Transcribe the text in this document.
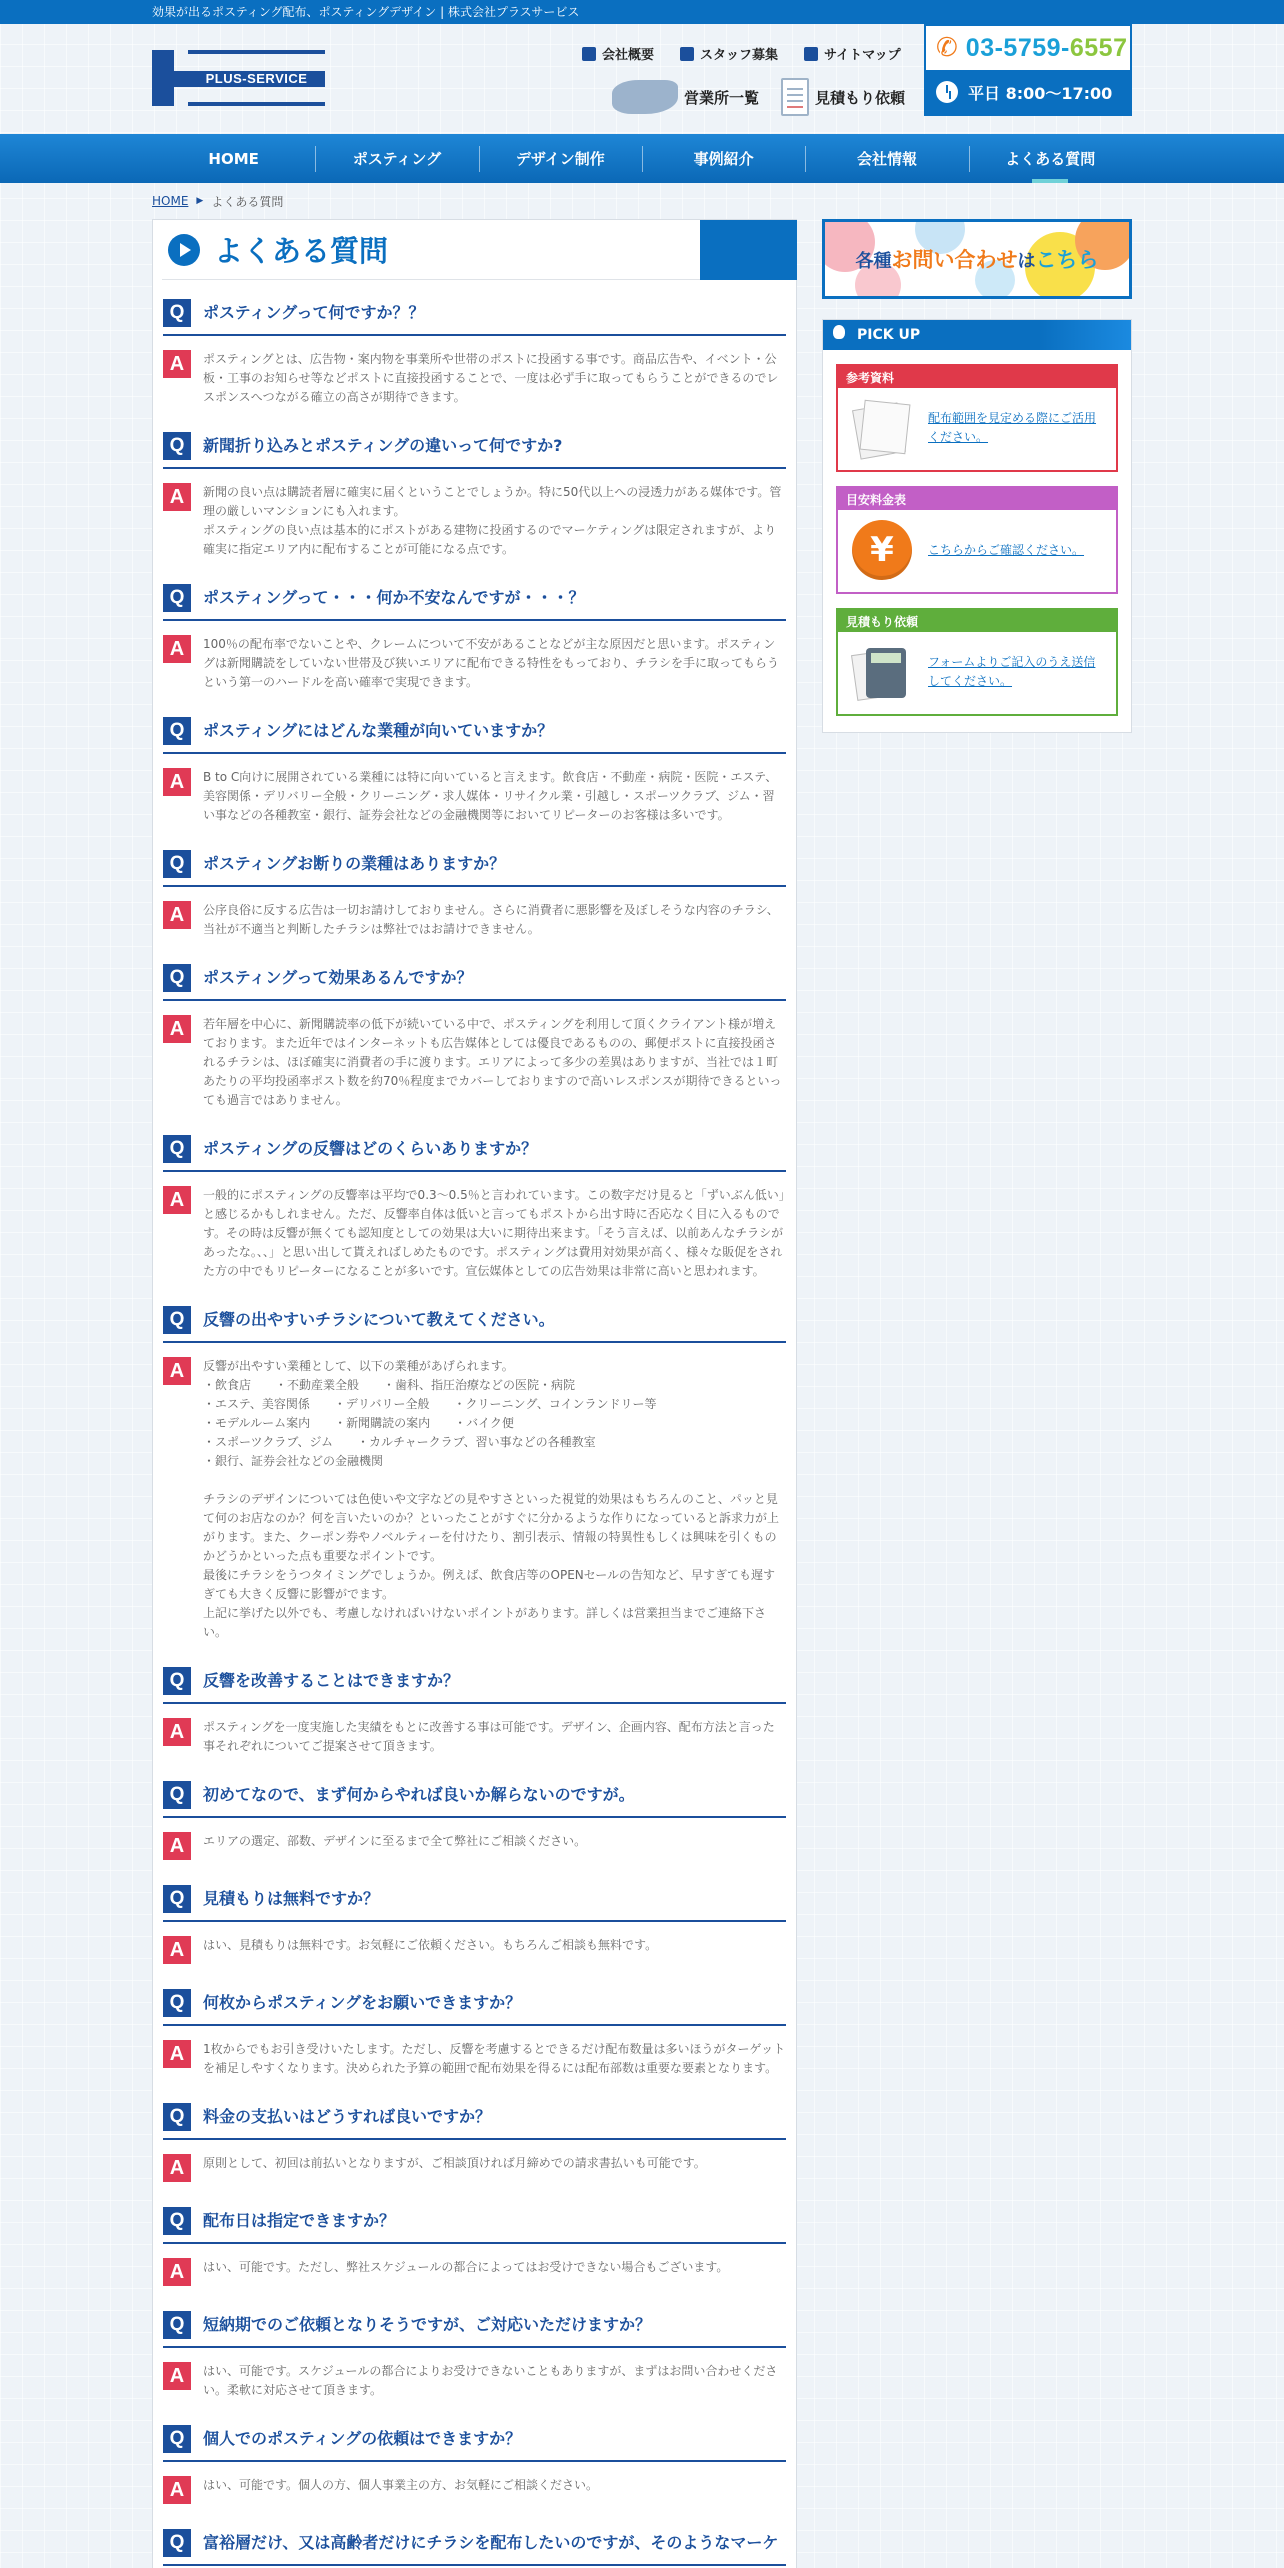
効果が出るポスティング配布、ポスティングデザイン | 株式会社プラスサービス
PLUS-SERVICE
会社概要	スタッフ募集	サイトマップ
営業所一覧	見積もり依頼
✆ 03-5759-6557
平日 8:00〜17:00
HOME	ポスティング	デザイン制作	事例紹介	会社情報	よくある質問
HOME ▶ よくある質問
よくある質問
Q	ポスティングって何ですか？？
A	ポスティングとは、広告物・案内物を事業所や世帯のポストに投函する事です。商品広告や、イベント・公板・工事のお知らせ等などポストに直接投函することで、一度は必ず手に取ってもらうことができるのでレスポンスへつながる確立の高さが期待できます。

Q	新聞折り込みとポスティングの違いって何ですか?
A	新聞の良い点は購読者層に確実に届くということでしょうか。特に50代以上への浸透力がある媒体です。管理の厳しいマンションにも入れます。
ポスティングの良い点は基本的にポストがある建物に投函するのでマーケティングは限定されますが、より確実に指定エリア内に配布することが可能になる点です。

Q	ポスティングって・・・何か不安なんですが・・・？
A	100％の配布率でないことや、クレームについて不安があることなどが主な原因だと思います。ポスティングは新聞購読をしていない世帯及び狭いエリアに配布できる特性をもっており、チラシを手に取ってもらうという第一のハードルを高い確率で実現できます。

Q	ポスティングにはどんな業種が向いていますか？
A	B to C向けに展開されている業種には特に向いていると言えます。飲食店・不動産・病院・医院・エステ、美容関係・デリバリー全般・クリーニング・求人媒体・リサイクル業・引越し・スポーツクラブ、ジム・習い事などの各種教室・銀行、証券会社などの金融機関等においてリピーターのお客様は多いです。

Q	ポスティングお断りの業種はありますか？
A	公序良俗に反する広告は一切お請けしておりません。さらに消費者に悪影響を及ぼしそうな内容のチラシ、当社が不適当と判断したチラシは弊社ではお請けできません。

Q	ポスティングって効果あるんですか？
A	若年層を中心に、新聞購読率の低下が続いている中で、ポスティングを利用して頂くクライアント様が増えております。また近年ではインターネットも広告媒体としては優良であるものの、郵便ポストに直接投函されるチラシは、ほぼ確実に消費者の手に渡ります。エリアによって多少の差異はありますが、当社では１町あたりの平均投函率ポスト数を約70％程度までカバーしておりますので高いレスポンスが期待できるといっても過言ではありません。

Q	ポスティングの反響はどのくらいありますか？
A	一般的にポスティングの反響率は平均で0.3～0.5％と言われています。この数字だけ見ると「ずいぶん低い」と感じるかもしれません。ただ、反響率自体は低いと言ってもポストから出す時に否応なく目に入るものです。その時は反響が無くても認知度としての効果は大いに期待出来ます。「そう言えば、以前あんなチラシがあったな。、、」と思い出して貰えればしめたものです。ポスティングは費用対効果が高く、様々な販促をされた方の中でもリピーターになることが多いです。宣伝媒体としての広告効果は非常に高いと思われます。

Q	反響の出やすいチラシについて教えてください。
A	反響が出やすい業種として、以下の業種があげられます。
・飲食店　　・不動産業全般　　・歯科、指圧治療などの医院・病院
・エステ、美容関係　　・デリバリー全般　　・クリーニング、コインランドリー等
・モデルルーム案内　　・新聞購読の案内　　・バイク便
・スポーツクラブ、ジム　　・カルチャークラブ、習い事などの各種教室
・銀行、証券会社などの金融機関

チラシのデザインについては色使いや文字などの見やすさといった視覚的効果はもちろんのこと、パッと見て何のお店なのか？何を言いたいのか？といったことがすぐに分かるような作りになっていると訴求力が上がります。また、クーポン券やノベルティーを付けたり、割引表示、情報の特異性もしくは興味を引くものかどうかといった点も重要なポイントです。
最後にチラシをうつタイミングでしょうか。例えば、飲食店等のOPENセールの告知など、早すぎても遅すぎても大きく反響に影響がでます。
上記に挙げた以外でも、考慮しなければいけないポイントがあります。詳しくは営業担当までご連絡下さい。

Q	反響を改善することはできますか？
A	ポスティングを一度実施した実績をもとに改善する事は可能です。デザイン、企画内容、配布方法と言った事それぞれについてご提案させて頂きます。

Q	初めてなので、まず何からやれば良いか解らないのですが。
A	エリアの選定、部数、デザインに至るまで全て弊社にご相談ください。

Q	見積もりは無料ですか？
A	はい、見積もりは無料です。お気軽にご依頼ください。もちろんご相談も無料です。

Q	何枚からポスティングをお願いできますか？
A	1枚からでもお引き受けいたします。ただし、反響を考慮するとできるだけ配布数量は多いほうがターゲットを補足しやすくなります。決められた予算の範囲で配布効果を得るには配布部数は重要な要素となります。

Q	料金の支払いはどうすれば良いですか？
A	原則として、初回は前払いとなりますが、ご相談頂ければ月締めでの請求書払いも可能です。

Q	配布日は指定できますか？
A	はい、可能です。ただし、弊社スケジュールの都合によってはお受けできない場合もございます。

Q	短納期でのご依頼となりそうですが、ご対応いただけますか？
A	はい、可能です。スケジュールの都合によりお受けできないこともありますが、まずはお問い合わせください。柔軟に対応させて頂きます。

Q	個人でのポスティングの依頼はできますか？
A	はい、可能です。個人の方、個人事業主の方、お気軽にご相談ください。

Q	富裕層だけ、又は高齢者だけにチラシを配布したいのですが、そのようなマーケ
各種お問い合わせはこちら
PICK UP
参考資料
配布範囲を見定める際にご活用ください。
目安料金表
¥	こちらからご確認ください。
見積もり依頼
フォームよりご記入のうえ送信してください。
